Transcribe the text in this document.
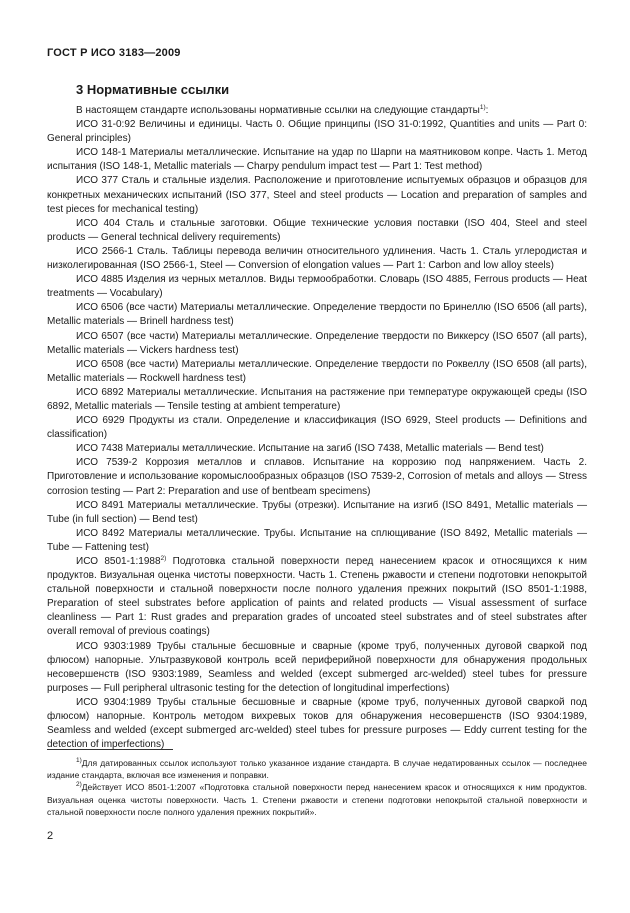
ГОСТ Р ИСО 3183—2009
3 Нормативные ссылки

В настоящем стандарте использованы нормативные ссылки на следующие стандарты$^{1)}$:

ИСО 31-0:92 Величины и единицы. Часть 0. Общие принципы (ISO 31-0:1992, Quantities and units — Part 0: General principles)

ИСО 148-1 Материалы металлические. Испытание на удар по Шарпи на маятниковом копре. Часть 1. Метод испытания (ISO 148-1, Metallic materials — Charpy pendulum impact test — Part 1: Test method)

ИСО 377 Сталь и стальные изделия. Расположение и приготовление испытуемых образцов и образцов для конкретных механических испытаний (ISO 377, Steel and steel products — Location and preparation of samples and test pieces for mechanical testing)

ИСО 404 Сталь и стальные заготовки. Общие технические условия поставки (ISO 404, Steel and steel products — General technical delivery requirements)

ИСО 2566-1 Сталь. Таблицы перевода величин относительного удлинения. Часть 1. Сталь углеродистая и низколегированная (ISO 2566-1, Steel — Conversion of elongation values — Part 1: Carbon and low alloy steels)

ИСО 4885 Изделия из черных металлов. Виды термообработки. Словарь (ISO 4885, Ferrous products — Heat treatments — Vocabulary)

ИСО 6506 (все части) Материалы металлические. Определение твердости по Бринеллю (ISO 6506 (all parts), Metallic materials — Brinell hardness test)

ИСО 6507 (все части) Материалы металлические. Определение твердости по Виккерсу (ISO 6507 (all parts), Metallic materials — Vickers hardness test)

ИСО 6508 (все части) Материалы металлические. Определение твердости по Роквеллу (ISO 6508 (all parts), Metallic materials — Rockwell hardness test)

ИСО 6892 Материалы металлические. Испытания на растяжение при температуре окружающей среды (ISO 6892, Metallic materials — Tensile testing at ambient temperature)

ИСО 6929 Продукты из стали. Определение и классификация (ISO 6929, Steel products — Definitions and classification)

ИСО 7438 Материалы металлические. Испытание на загиб (ISO 7438, Metallic materials — Bend test)

ИСО 7539-2 Коррозия металлов и сплавов. Испытание на коррозию под напряжением. Часть 2. Приготовление и использование коромыслообразных образцов (ISO 7539-2, Corrosion of metals and alloys — Stress corrosion testing — Part 2: Preparation and use of bentbeam specimens)

ИСО 8491 Материалы металлические. Трубы (отрезки). Испытание на изгиб (ISO 8491, Metallic materials — Tube (in full section) — Bend test)

ИСО 8492 Материалы металлические. Трубы. Испытание на сплющивание (ISO 8492, Metallic materials — Tube — Fattening test)

ИСО 8501-1:1988$^{2)}$ Подготовка стальной поверхности перед нанесением красок и относящихся к ним продуктов. Визуальная оценка чистоты поверхности. Часть 1. Степень ржавости и степени подготовки непокрытой стальной поверхности и стальной поверхности после полного удаления прежних покрытий (ISO 8501-1:1988, Preparation of steel substrates before application of paints and related products — Visual assessment of surface cleanliness — Part 1: Rust grades and preparation grades of uncoated steel substrates and of steel substrates after overall removal of previous coatings)

ИСО 9303:1989 Трубы стальные бесшовные и сварные (кроме труб, полученных дуговой сваркой под флюсом) напорные. Ультразвуковой контроль всей периферийной поверхности для обнаружения продольных несовершенств (ISO 9303:1989, Seamless and welded (except submerged arc-welded) steel tubes for pressure purposes — Full peripheral ultrasonic testing for the detection of longitudinal imperfections)

ИСО 9304:1989 Трубы стальные бесшовные и сварные (кроме труб, полученных дуговой сваркой под флюсом) напорные. Контроль методом вихревых токов для обнаружения несовершенств (ISO 9304:1989, Seamless and welded (except submerged arc-welded) steel tubes for pressure purposes — Eddy current testing for the detection of imperfections)

$^{1)}$Для датированных ссылок используют только указанное издание стандарта. В случае недатированных ссылок — последнее издание стандарта, включая все изменения и поправки.

$^{2)}$Действует ИСО 8501-1:2007 «Подготовка стальной поверхности перед нанесением красок и относящихся к ним продуктов. Визуальная оценка чистоты поверхности. Часть 1. Степени ржавости и степени подготовки непокрытой стальной поверхности и стальной поверхности после полного удаления прежних покрытий».

2
